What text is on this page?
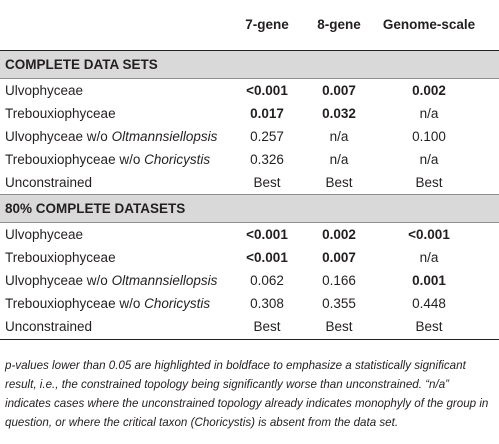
	7-gene	8-gene	Genome-scale
COMPLETE DATA SETS			
Ulvophyceae	<0.001	0.007	0.002
Trebouxiophyceae	0.017	0.032	n/a
Ulvophyceae w/o Oltmannsiellopsis	0.257	n/a	0.100
Trebouxiophyceae w/o Choricystis	0.326	n/a	n/a
Unconstrained	Best	Best	Best
80% COMPLETE DATASETS			
Ulvophyceae	<0.001	0.002	<0.001
Trebouxiophyceae	<0.001	0.007	n/a
Ulvophyceae w/o Oltmannsiellopsis	0.062	0.166	0.001
Trebouxiophyceae w/o Choricystis	0.308	0.355	0.448
Unconstrained	Best	Best	Best
p-values lower than 0.05 are highlighted in boldface to emphasize a statistically significant result, i.e., the constrained topology being significantly worse than unconstrained. “n/a” indicates cases where the unconstrained topology already indicates monophyly of the group in question, or where the critical taxon (Choricystis) is absent from the data set.
